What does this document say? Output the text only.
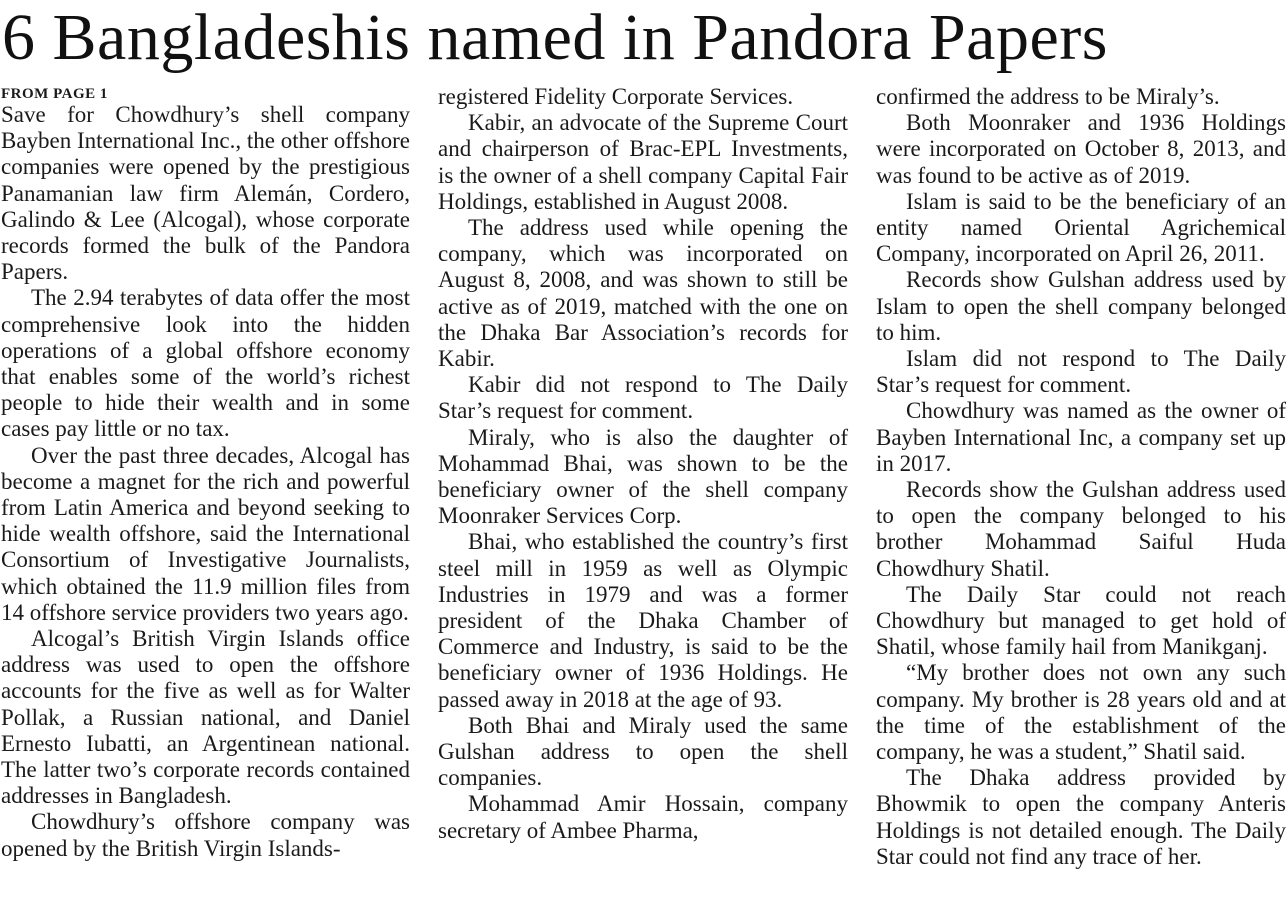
6 Bangladeshis named in Pandora Papers
FROM PAGE 1

Save for Chowdhury’s shell company Bayben International Inc., the other offshore companies were opened by the prestigious Panamanian law firm Alemán, Cordero, Galindo & Lee (Alcogal), whose corporate records formed the bulk of the Pandora Papers.

The 2.94 terabytes of data offer the most comprehensive look into the hidden operations of a global offshore economy that enables some of the world’s richest people to hide their wealth and in some cases pay little or no tax.

Over the past three decades, Alcogal has become a magnet for the rich and powerful from Latin America and beyond seeking to hide wealth offshore, said the International Consortium of Investigative Journalists, which obtained the 11.9 million files from 14 offshore service providers two years ago.

Alcogal’s British Virgin Islands office address was used to open the offshore accounts for the five as well as for Walter Pollak, a Russian national, and Daniel Ernesto Iubatti, an Argentinean national. The latter two’s corporate records contained addresses in Bangladesh.

Chowdhury’s offshore company was opened by the British Virgin Islands-

registered Fidelity Corporate Services.

Kabir, an advocate of the Supreme Court and chairperson of Brac-EPL Investments, is the owner of a shell company Capital Fair Holdings, established in August 2008.

The address used while opening the company, which was incorporated on August 8, 2008, and was shown to still be active as of 2019, matched with the one on the Dhaka Bar Association’s records for Kabir.

Kabir did not respond to The Daily Star’s request for comment.

Miraly, who is also the daughter of Mohammad Bhai, was shown to be the beneficiary owner of the shell company Moonraker Services Corp.

Bhai, who established the country’s first steel mill in 1959 as well as Olympic Industries in 1979 and was a former president of the Dhaka Chamber of Commerce and Industry, is said to be the beneficiary owner of 1936 Holdings. He passed away in 2018 at the age of 93.

Both Bhai and Miraly used the same Gulshan address to open the shell companies.

Mohammad Amir Hossain, company secretary of Ambee Pharma,

confirmed the address to be Miraly’s.

Both Moonraker and 1936 Holdings were incorporated on October 8, 2013, and was found to be active as of 2019.

Islam is said to be the beneficiary of an entity named Oriental Agrichemical Company, incorporated on April 26, 2011.

Records show Gulshan address used by Islam to open the shell company belonged to him.

Islam did not respond to The Daily Star’s request for comment.

Chowdhury was named as the owner of Bayben International Inc, a company set up in 2017.

Records show the Gulshan address used to open the company belonged to his brother Mohammad Saiful Huda Chowdhury Shatil.

The Daily Star could not reach Chowdhury but managed to get hold of Shatil, whose family hail from Manikganj.

“My brother does not own any such company. My brother is 28 years old and at the time of the establishment of the company, he was a student,” Shatil said.

The Dhaka address provided by Bhowmik to open the company Anteris Holdings is not detailed enough. The Daily Star could not find any trace of her.
